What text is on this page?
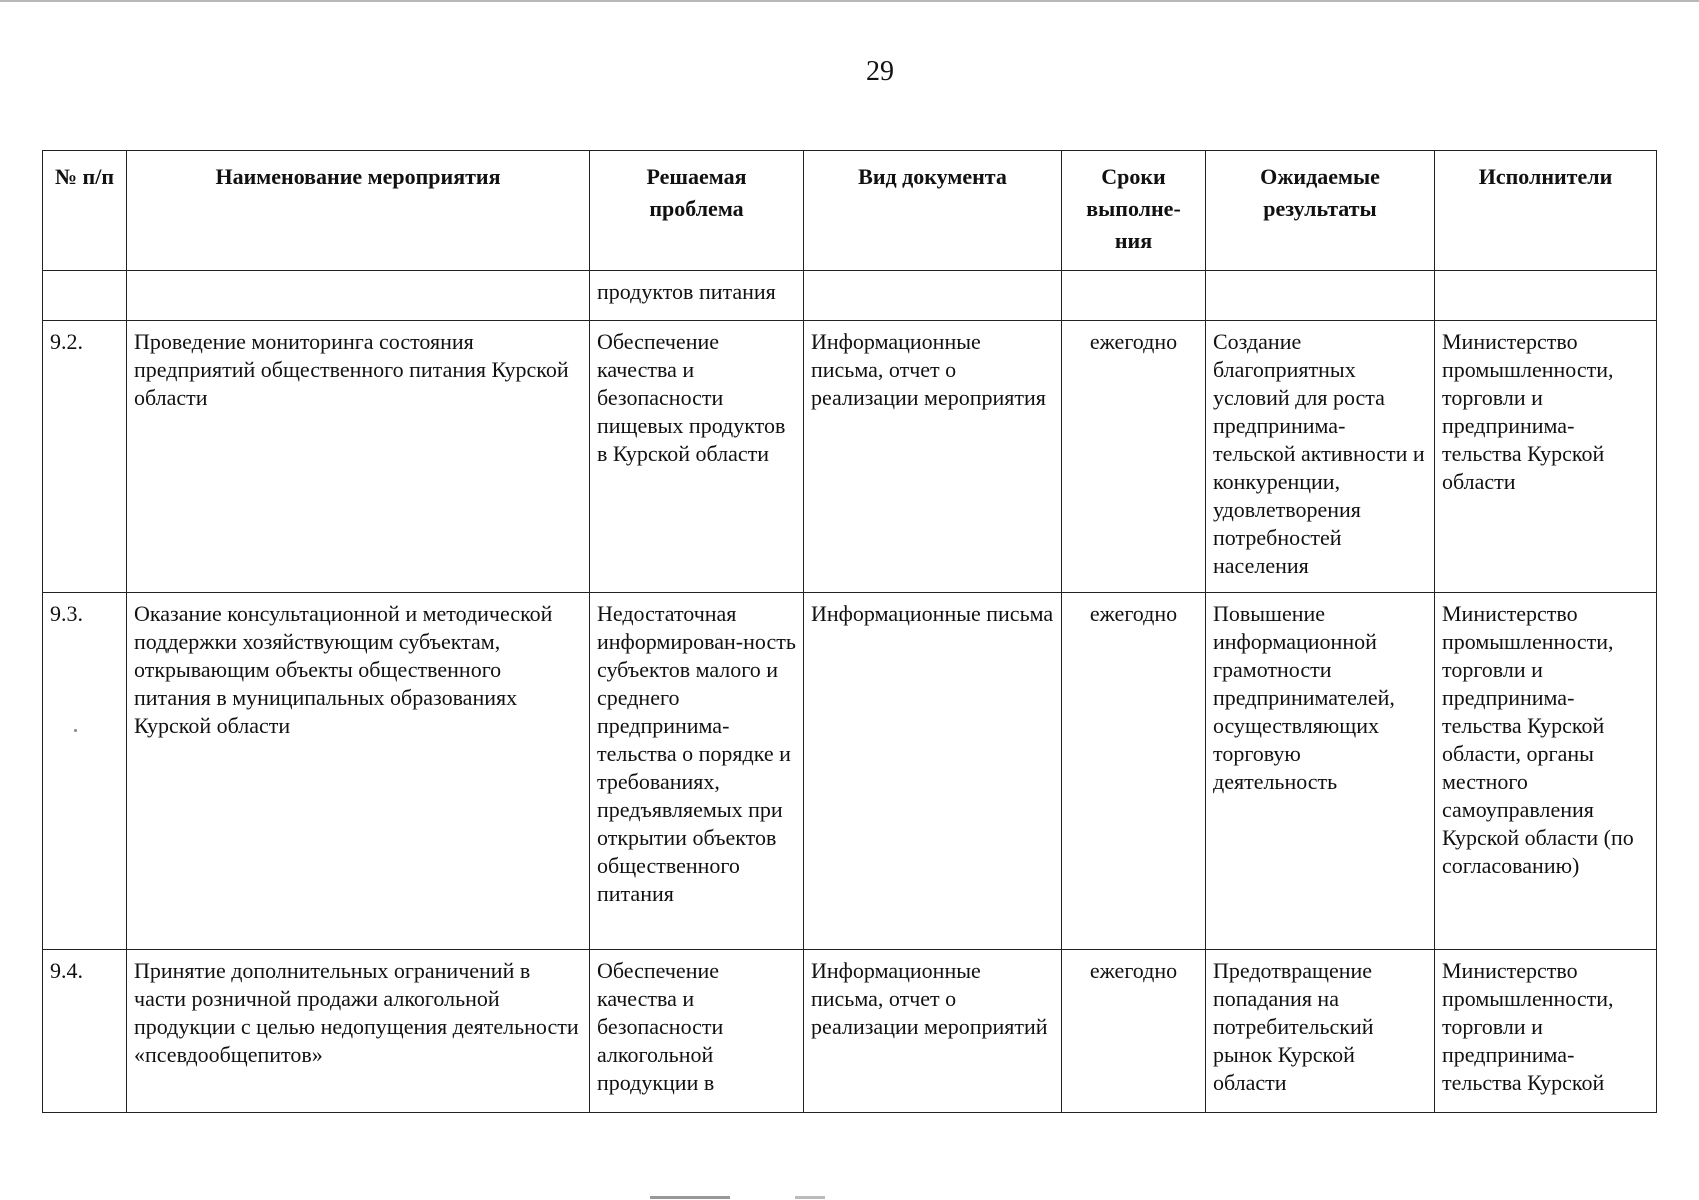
29
№ п/п	Наименование мероприятия	Решаемая проблема	Вид документа	Сроки выполне-ния	Ожидаемые результаты	Исполнители
		продуктов питания				
9.2.	Проведение мониторинга состояния предприятий общественного питания Курской области	Обеспечение качества и безопасности пищевых продуктов в Курской области	Информационные письма, отчет о реализации мероприятия	ежегодно	Создание благоприятных условий для роста предпринима-тельской активности и конкуренции, удовлетворения потребностей населения	Министерство промышленности, торговли и предпринима-тельства Курской области
9.3.	Оказание консультационной и методической поддержки хозяйствующим субъектам, открывающим объекты общественного питания в муниципальных образованиях Курской области	Недостаточная информирован-ность субъектов малого и среднего предпринима-тельства о порядке и требованиях, предъявляемых при открытии объектов общественного питания	Информационные письма	ежегодно	Повышение информационной грамотности предпринимателей, осуществляющих торговую деятельность	Министерство промышленности, торговли и предпринима-тельства Курской области, органы местного самоуправления Курской области (по согласованию)
9.4.	Принятие дополнительных ограничений в части розничной продажи алкогольной продукции с целью недопущения деятельности «псевдообщепитов»	Обеспечение качества и безопасности алкогольной продукции в	Информационные письма, отчет о реализации мероприятий	ежегодно	Предотвращение попадания на потребительский рынок Курской области	Министерство промышленности, торговли и предпринима-тельства Курской
